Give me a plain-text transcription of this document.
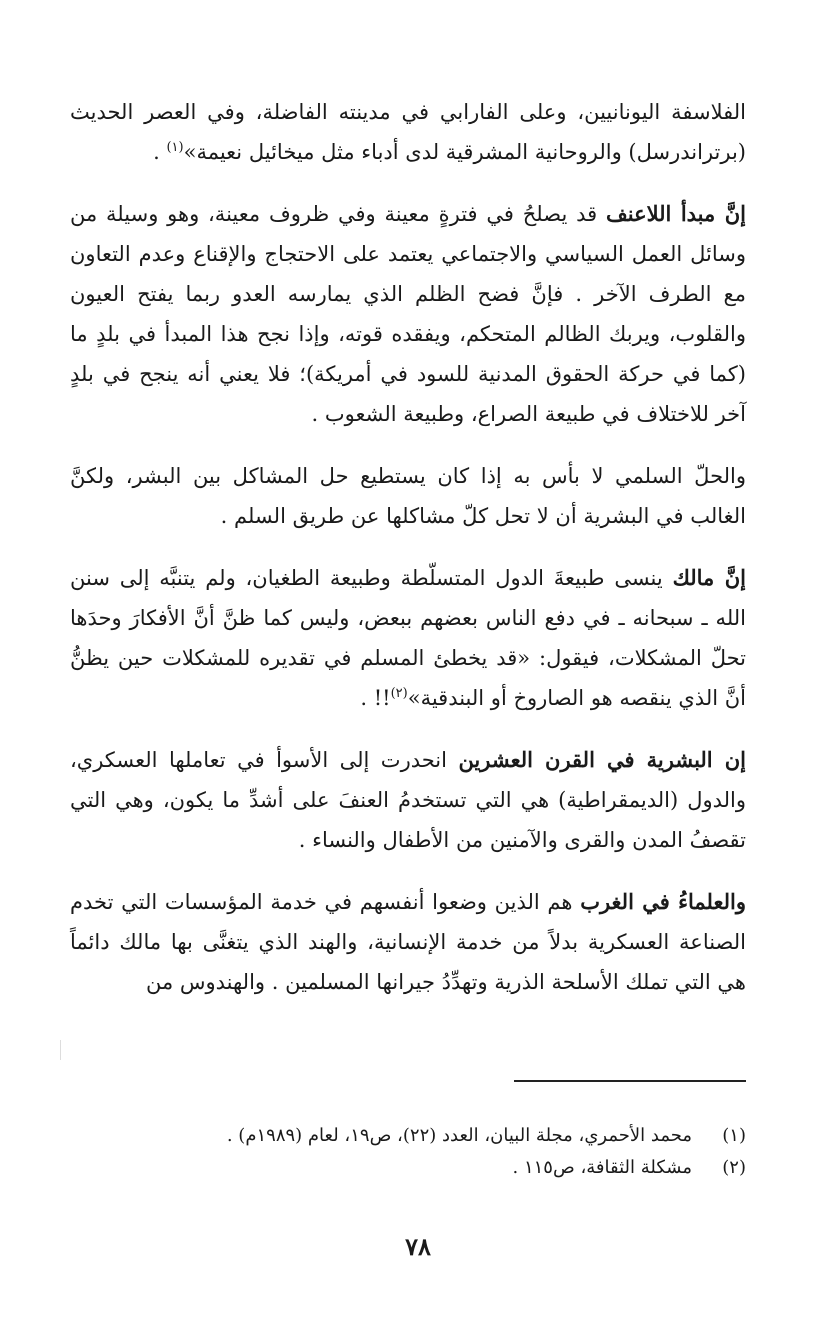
الفلاسفة اليونانيين، وعلى الفارابي في مدينته الفاضلة، وفي العصر الحديث (برتراندرسل) والروحانية المشرقية لدى أدباء مثل ميخائيل نعيمة»$^{(١)}$ .

إنَّ مبدأ اللاعنف قد يصلحُ في فترةٍ معينة وفي ظروف معينة، وهو وسيلة من وسائل العمل السياسي والاجتماعي يعتمد على الاحتجاج والإقناع وعدم التعاون مع الطرف الآخر . فإنَّ فضح الظلم الذي يمارسه العدو ربما يفتح العيون والقلوب، ويربك الظالم المتحكم، ويفقده قوته، وإذا نجح هذا المبدأ في بلدٍ ما (كما في حركة الحقوق المدنية للسود في أمريكة)؛ فلا يعني أنه ينجح في بلدٍ آخر للاختلاف في طبيعة الصراع، وطبيعة الشعوب .

والحلّ السلمي لا بأس به إذا كان يستطيع حل المشاكل بين البشر، ولكنَّ الغالب في البشرية أن لا تحل كلّ مشاكلها عن طريق السلم .

إنَّ مالك ينسى طبيعةَ الدول المتسلّطة وطبيعة الطغيان، ولم يتنبَّه إلى سنن الله ـ سبحانه ـ في دفع الناس بعضهم ببعض، وليس كما ظنَّ أنَّ الأفكارَ وحدَها تحلّ المشكلات، فيقول: «قد يخطئ المسلم في تقديره للمشكلات حين يظنُّ أنَّ الذي ينقصه هو الصاروخ أو البندقية»$^{(٢)}$!! .

إن البشرية في القرن العشرين انحدرت إلى الأسوأ في تعاملها العسكري، والدول (الديمقراطية) هي التي تستخدمُ العنفَ على أشدِّ ما يكون، وهي التي تقصفُ المدن والقرى والآمنين من الأطفال والنساء .

والعلماءُ في الغرب هم الذين وضعوا أنفسهم في خدمة المؤسسات التي تخدم الصناعة العسكرية بدلاً من خدمة الإنسانية، والهند الذي يتغنَّى بها مالك دائماً هي التي تملك الأسلحة الذرية وتهدِّدُ جيرانها المسلمين . والهندوس من

(١)محمد الأحمري، مجلة البيان، العدد (٢٢)، ص١٩، لعام (١٩٨٩م) .
(٢)مشكلة الثقافة، ص١١٥ .
٧٨
